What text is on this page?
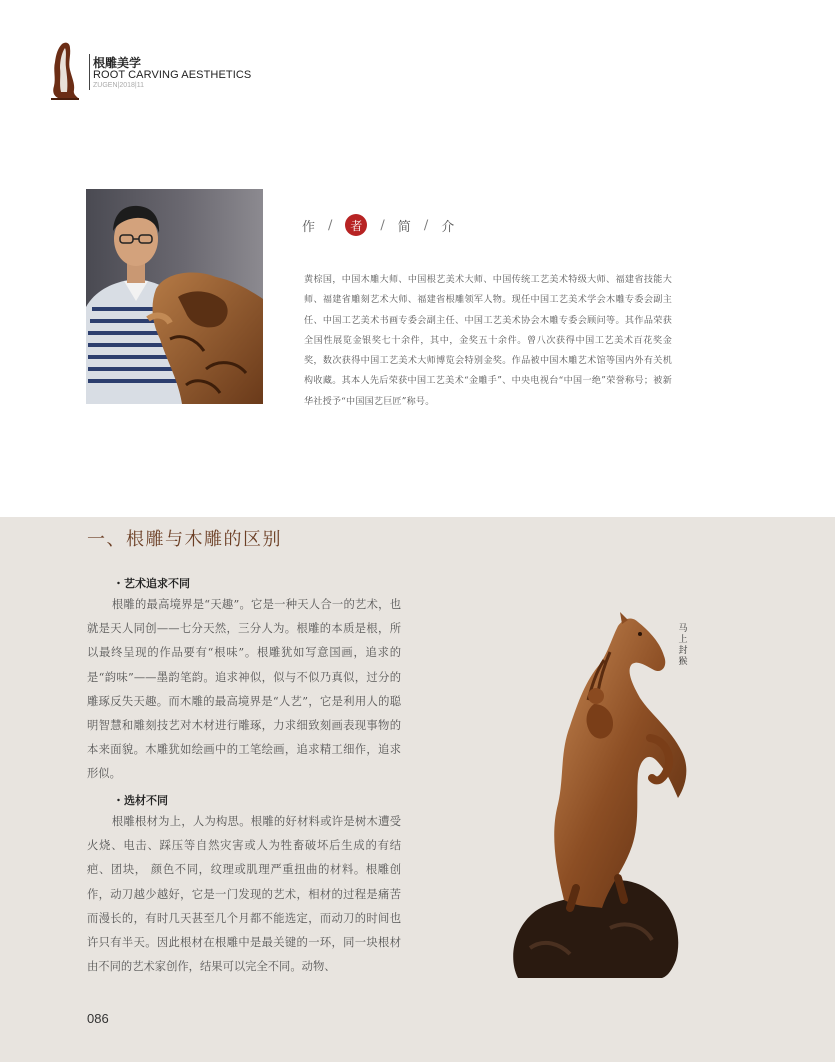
根雕美学
ROOT CARVING AESTHETICS
ZUGEN|2018|11
作 /	者	/ 简 / 介
黄棕国，中国木雕大师、中国根艺美术大师、中国传统工艺美术特级大师、福建省技能大师、福建省雕刻艺术大师、福建省根雕领军人物。现任中国工艺美术学会木雕专委会副主任、中国工艺美术书画专委会副主任、中国工艺美术协会木雕专委会顾问等。其作品荣获全国性展览金银奖七十余件，其中，金奖五十余件。曾八次获得中国工艺美术百花奖金奖，数次获得中国工艺美术大师博览会特别金奖。作品被中国木雕艺术馆等国内外有关机构收藏。其本人先后荣获中国工艺美术“金雕手”、中央电视台“中国一绝”荣誉称号；被新华社授予“中国国艺巨匠”称号。
一、根雕与木雕的区别
・艺术追求不同
根雕的最高境界是“天趣”。它是一种天人合一的艺术，也就是天人同创——七分天然，三分人为。根雕的本质是根，所以最终呈现的作品要有“根味”。根雕犹如写意国画，追求的是“韵味”——墨韵笔韵。追求神似，似与不似乃真似，过分的雕琢反失天趣。而木雕的最高境界是“人艺”，它是利用人的聪明智慧和雕刻技艺对木材进行雕琢，力求细致刻画表现事物的本来面貌。木雕犹如绘画中的工笔绘画，追求精工细作，追求形似。
・选材不同
根雕根材为上，人为构思。根雕的好材料或许是树木遭受火烧、电击、踩压等自然灾害或人为牲畜破坏后生成的有结疤、团块， 颜色不同，纹理或肌理严重扭曲的材料。根雕创作，动刀越少越好，它是一门发现的艺术，相材的过程是痛苦而漫长的，有时几天甚至几个月都不能选定，而动刀的时间也许只有半天。因此根材在根雕中是最关键的一环，同一块根材由不同的艺术家创作，结果可以完全不同。动物、
马上封猴
086
